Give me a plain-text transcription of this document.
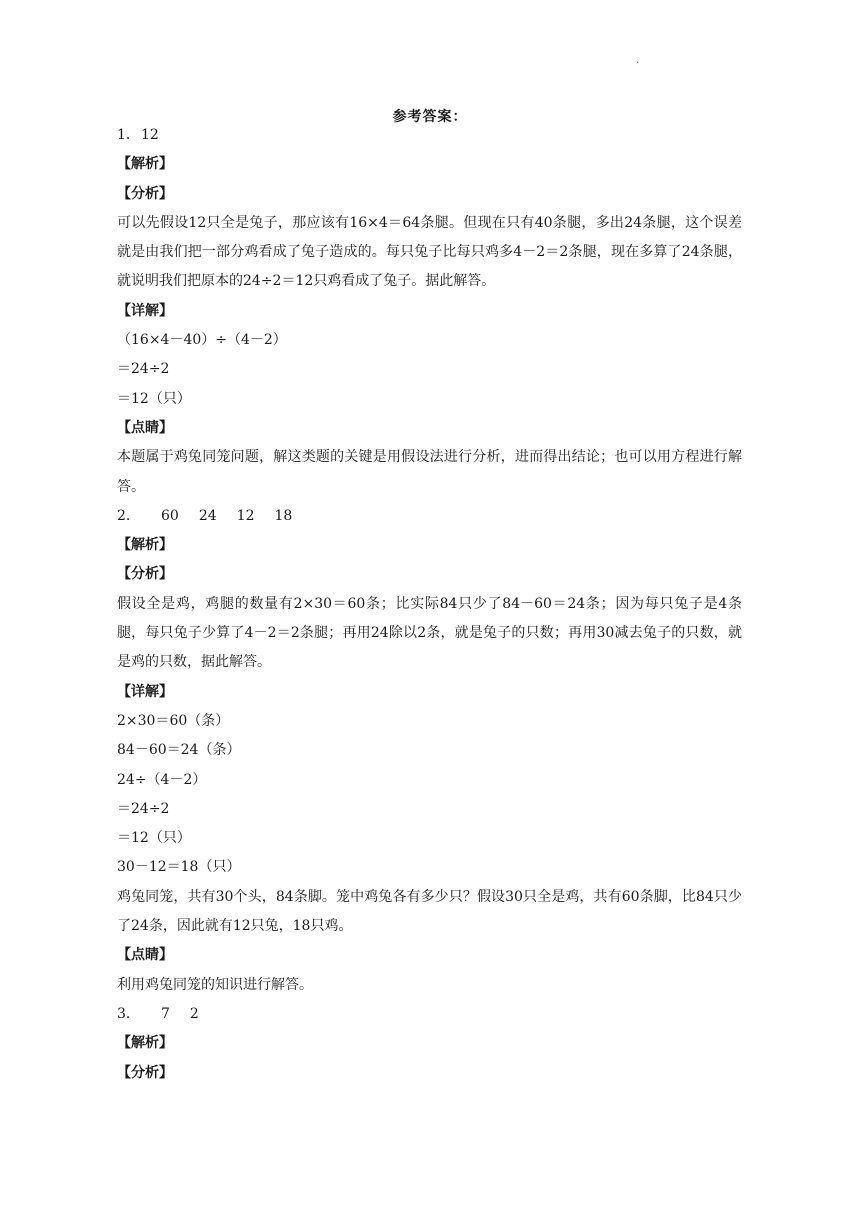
·
参考答案：

1．12

【解析】

【分析】

可以先假设12只全是兔子，那应该有16×4＝64条腿。但现在只有40条腿，多出24条腿，这个误差就是由我们把一部分鸡看成了兔子造成的。每只兔子比每只鸡多4－2＝2条腿，现在多算了24条腿，就说明我们把原本的24÷2＝12只鸡看成了兔子。据此解答。

【详解】

（16×4－40）÷（4－2）

＝24÷2

＝12（只）

【点睛】

本题属于鸡兔同笼问题，解这类题的关键是用假设法进行分析，进而得出结论；也可以用方程进行解答。

2． 60 24 12 18

【解析】

【分析】

假设全是鸡，鸡腿的数量有2×30＝60条；比实际84只少了84－60＝24条；因为每只兔子是4条腿，每只兔子少算了4－2＝2条腿；再用24除以2条，就是兔子的只数；再用30减去兔子的只数，就是鸡的只数，据此解答。

【详解】

2×30＝60（条）

84－60＝24（条）

24÷（4－2）

＝24÷2

＝12（只）

30－12＝18（只）

鸡兔同笼，共有30个头，84条脚。笼中鸡兔各有多少只？假设30只全是鸡，共有60条脚，比84只少了24条，因此就有12只兔，18只鸡。

【点睛】

利用鸡兔同笼的知识进行解答。

3． 7 2

【解析】

【分析】
